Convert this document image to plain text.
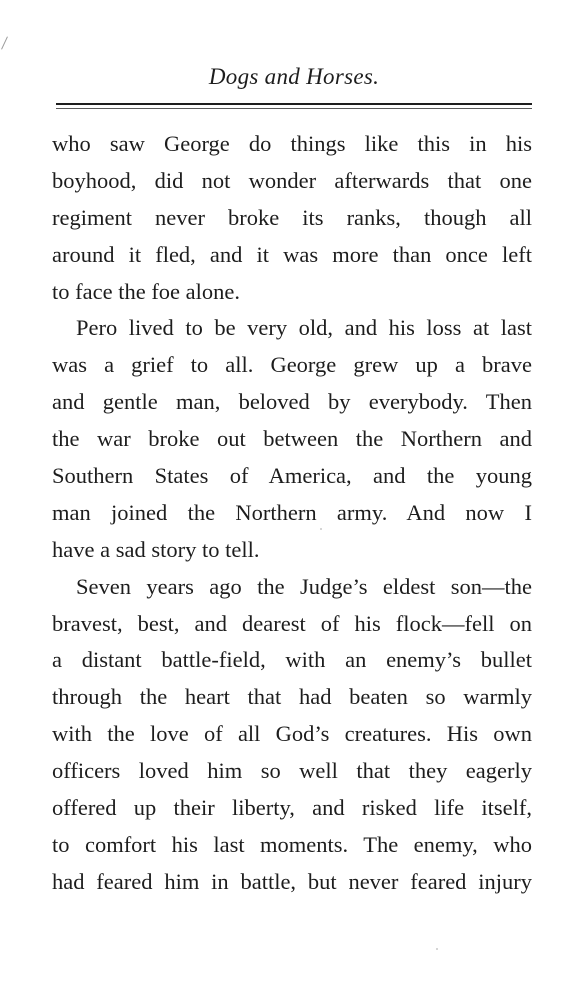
Dogs and Horses.
who saw George do things like this in his
boyhood, did not wonder afterwards that one
regiment never broke its ranks, though all
around it fled, and it was more than once left
to face the foe alone.
Pero lived to be very old, and his loss at last
was a grief to all. George grew up a brave
and gentle man, beloved by everybody. Then
the war broke out between the Northern and
Southern States of America, and the young
man joined the Northern army. And now I
have a sad story to tell.
Seven years ago the Judge’s eldest son—the
bravest, best, and dearest of his flock—fell on
a distant battle-field, with an enemy’s bullet
through the heart that had beaten so warmly
with the love of all God’s creatures. His own
officers loved him so well that they eagerly
offered up their liberty, and risked life itself,
to comfort his last moments. The enemy, who
had feared him in battle, but never feared injury
